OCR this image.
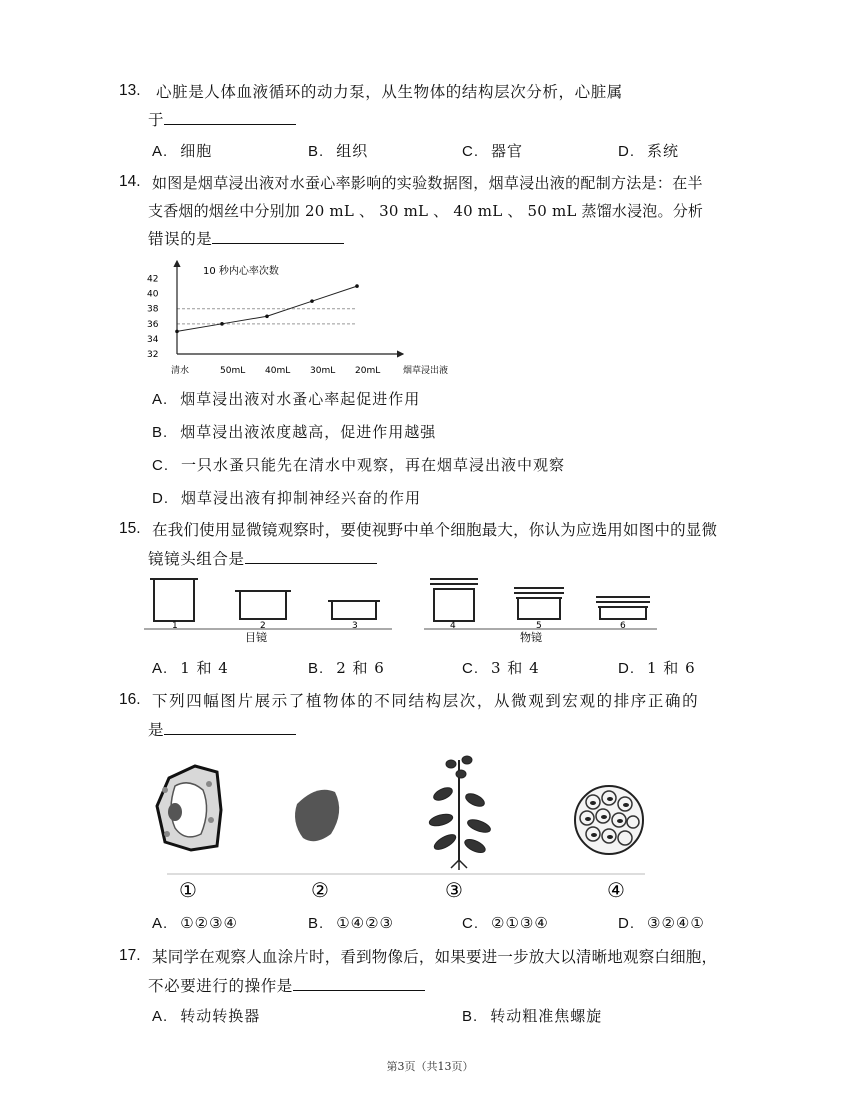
13. 心脏是人体血液循环的动力泵，从生物体的结构层次分析，心脏属
于
A. 细胞	B. 组织	C. 器官	D. 系统
14. 如图是烟草浸出液对水蚕心率影响的实验数据图，烟草浸出液的配制方法是：在半
支香烟的烟丝中分别加 20 mL 、 30 mL 、 40 mL 、 50 mL 蒸馏水浸泡。分析
错误的是
32
34
36
38
40
42
10 秒内心率次数
清水	50mL 40mL 30mL 20mL	烟草浸出液
A. 烟草浸出液对水蚤心率起促进作用
B. 烟草浸出液浓度越高，促进作用越强
C. 一只水蚤只能先在清水中观察，再在烟草浸出液中观察
D. 烟草浸出液有抑制神经兴奋的作用
15. 在我们使用显微镜观察时，要使视野中单个细胞最大，你认为应选用如图中的显微
镜镜头组合是
1	2	3	4	5	6
目镜	物镜
A. 1 和 4	B. 2 和 6	C. 3 和 4	D. 1 和 6
16. 下列四幅图片展示了植物体的不同结构层次，从微观到宏观的排序正确的
是
①	②	③	④
A. ①②③④	B. ①④②③	C. ②①③④	D. ③②④①
17. 某同学在观察人血涂片时，看到物像后，如果要进一步放大以清晰地观察白细胞，
不必要进行的操作是
A. 转动转换器	B. 转动粗准焦螺旋
第3页（共13页）
